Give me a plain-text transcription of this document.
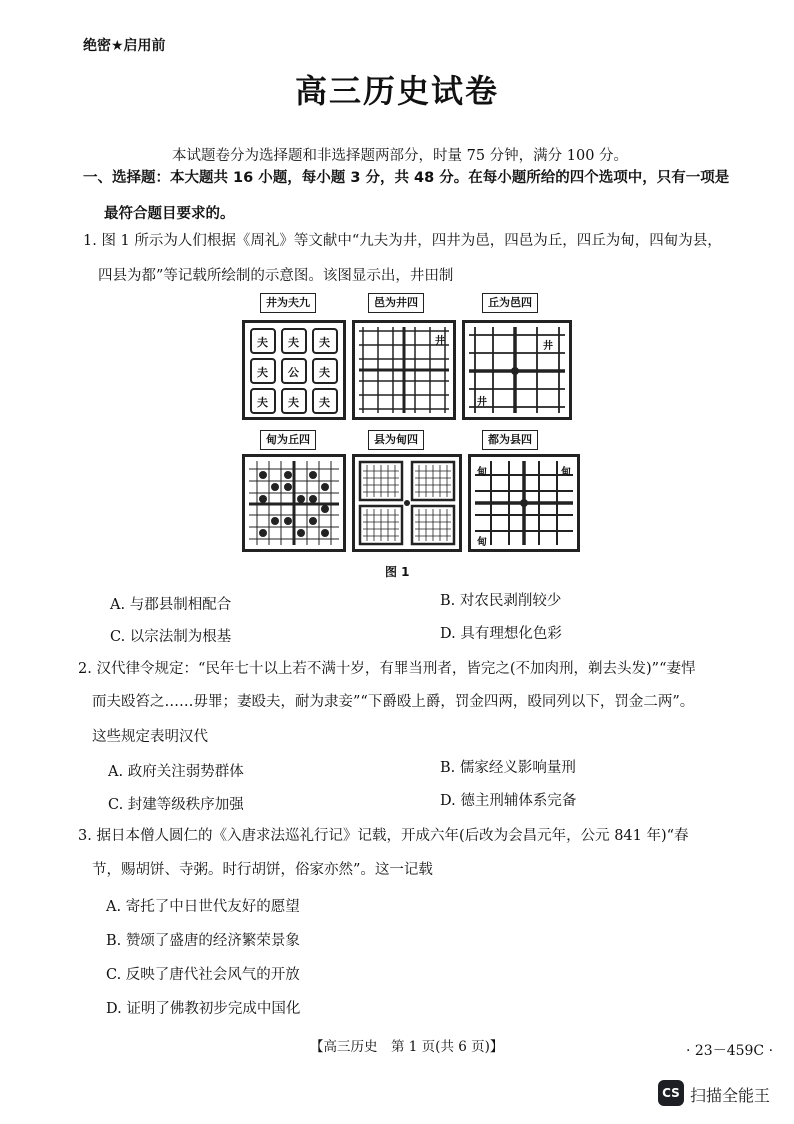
绝密★启用前
高三历史试卷
本试题卷分为选择题和非选择题两部分，时量 75 分钟，满分 100 分。
一、选择题：本大题共 16 小题，每小题 3 分，共 48 分。在每小题所给的四个选项中，只有一项是
最符合题目要求的。
1. 图 1 所示为人们根据《周礼》等文献中“九夫为井，四井为邑，四邑为丘，四丘为甸，四甸为县，
四县为都”等记载所绘制的示意图。该图显示出，井田制
井为夫九	邑为井四	丘为邑四
夫 夫 夫
夫 公 夫
夫 夫 夫
井	井
井
甸为丘四	县为甸四	都为县四
甸	甸
甸
图 1
A. 与郡县制相配合	B. 对农民剥削较少
C. 以宗法制为根基	D. 具有理想化色彩
2. 汉代律令规定：“民年七十以上若不满十岁，有罪当刑者，皆完之(不加肉刑，剃去头发)”“妻悍
而夫殴笞之……毋罪；妻殴夫，耐为隶妾”“下爵殴上爵，罚金四两，殴同列以下，罚金二两”。
这些规定表明汉代
A. 政府关注弱势群体	B. 儒家经义影响量刑
C. 封建等级秩序加强	D. 德主刑辅体系完备
3. 据日本僧人圆仁的《入唐求法巡礼行记》记载，开成六年(后改为会昌元年，公元 841 年)“春
节，赐胡饼、寺粥。时行胡饼，俗家亦然”。这一记载
A. 寄托了中日世代友好的愿望
B. 赞颂了盛唐的经济繁荣景象
C. 反映了唐代社会风气的开放
D. 证明了佛教初步完成中国化
【高三历史　第 1 页(共 6 页)】	· 23－459C ·
CS 扫描全能王
